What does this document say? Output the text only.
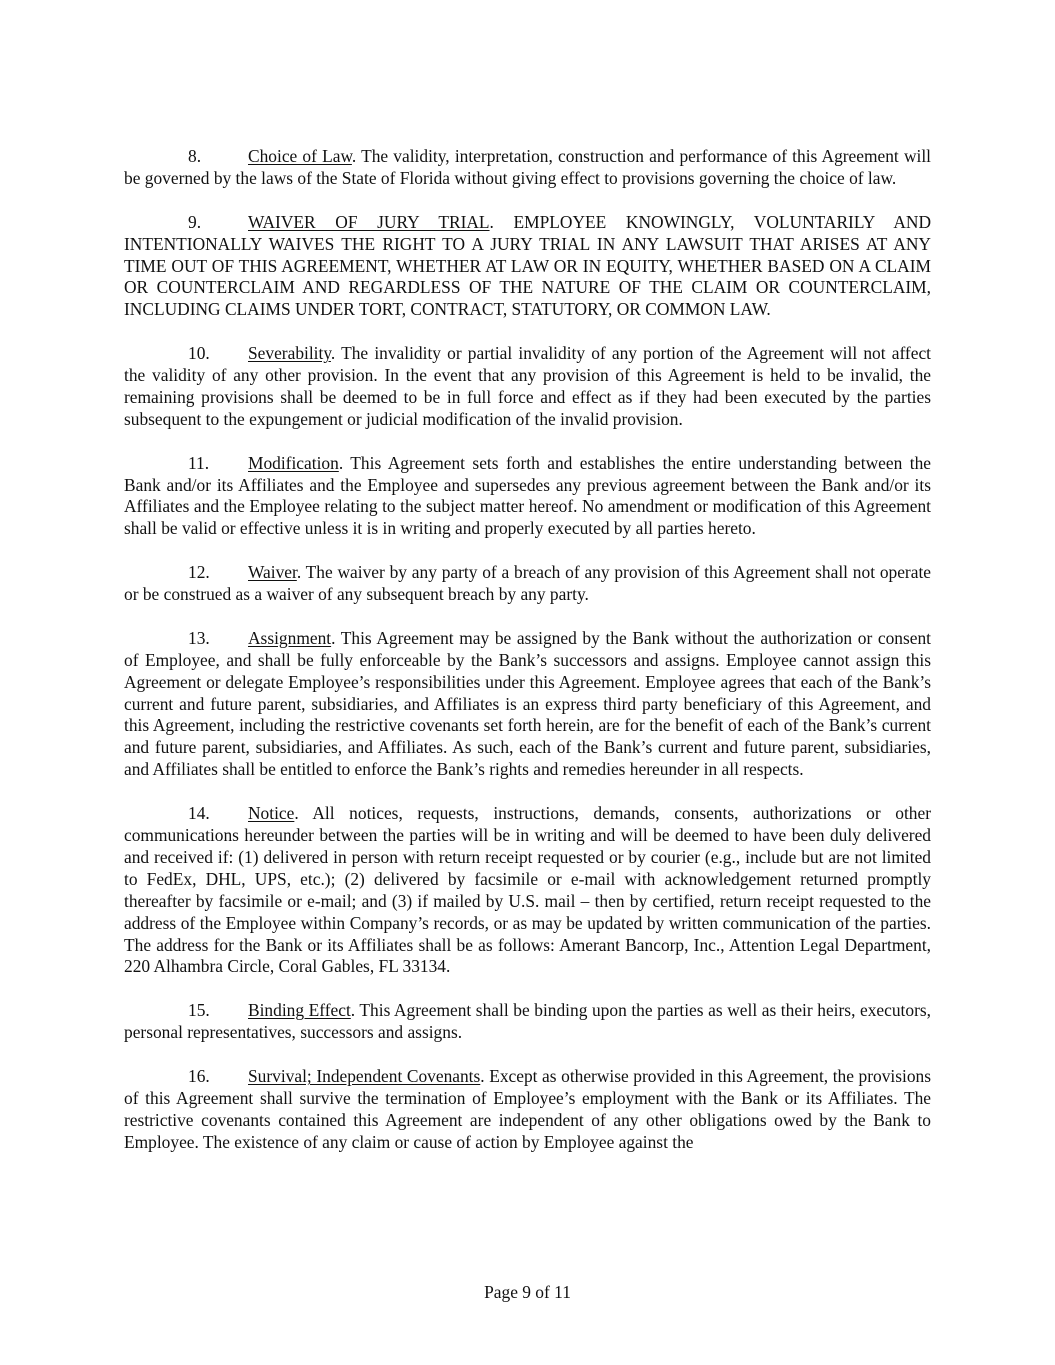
8.	Choice of Law. The validity, interpretation, construction and performance of this Agreement will be governed by the laws of the State of Florida without giving effect to provisions governing the choice of law.

9.	WAIVER OF JURY TRIAL. EMPLOYEE KNOWINGLY, VOLUNTARILY AND INTENTIONALLY WAIVES THE RIGHT TO A JURY TRIAL IN ANY LAWSUIT THAT ARISES AT ANY TIME OUT OF THIS AGREEMENT, WHETHER AT LAW OR IN EQUITY, WHETHER BASED ON A CLAIM OR COUNTERCLAIM AND REGARDLESS OF THE NATURE OF THE CLAIM OR COUNTERCLAIM, INCLUDING CLAIMS UNDER TORT, CONTRACT, STATUTORY, OR COMMON LAW.

10. Severability. The invalidity or partial invalidity of any portion of the Agreement will not affect the validity of any other provision. In the event that any provision of this Agreement is held to be invalid, the remaining provisions shall be deemed to be in full force and effect as if they had been executed by the parties subsequent to the expungement or judicial modification of the invalid provision.

11. Modification. This Agreement sets forth and establishes the entire understanding between the Bank and/or its Affiliates and the Employee and supersedes any previous agreement between the Bank and/or its Affiliates and the Employee relating to the subject matter hereof. No amendment or modification of this Agreement shall be valid or effective unless it is in writing and properly executed by all parties hereto.

12. Waiver. The waiver by any party of a breach of any provision of this Agreement shall not operate or be construed as a waiver of any subsequent breach by any party.

13. Assignment. This Agreement may be assigned by the Bank without the authorization or consent of Employee, and shall be fully enforceable by the Bank’s successors and assigns. Employee cannot assign this Agreement or delegate Employee’s responsibilities under this Agreement. Employee agrees that each of the Bank’s current and future parent, subsidiaries, and Affiliates is an express third party beneficiary of this Agreement, and this Agreement, including the restrictive covenants set forth herein, are for the benefit of each of the Bank’s current and future parent, subsidiaries, and Affiliates. As such, each of the Bank’s current and future parent, subsidiaries, and Affiliates shall be entitled to enforce the Bank’s rights and remedies hereunder in all respects.

14. Notice. All notices, requests, instructions, demands, consents, authorizations or other communications hereunder between the parties will be in writing and will be deemed to have been duly delivered and received if: (1) delivered in person with return receipt requested or by courier (e.g., include but are not limited to FedEx, DHL, UPS, etc.); (2) delivered by facsimile or e-mail with acknowledgement returned promptly thereafter by facsimile or e-mail; and (3) if mailed by U.S. mail – then by certified, return receipt requested to the address of the Employee within Company’s records, or as may be updated by written communication of the parties. The address for the Bank or its Affiliates shall be as follows: Amerant Bancorp, Inc., Attention Legal Department, 220 Alhambra Circle, Coral Gables, FL 33134.

15. Binding Effect. This Agreement shall be binding upon the parties as well as their heirs, executors, personal representatives, successors and assigns.

16. Survival; Independent Covenants. Except as otherwise provided in this Agreement, the provisions of this Agreement shall survive the termination of Employee’s employment with the Bank or its Affiliates. The restrictive covenants contained this Agreement are independent of any other obligations owed by the Bank to Employee. The existence of any claim or cause of action by Employee against the

Page 9 of 11
